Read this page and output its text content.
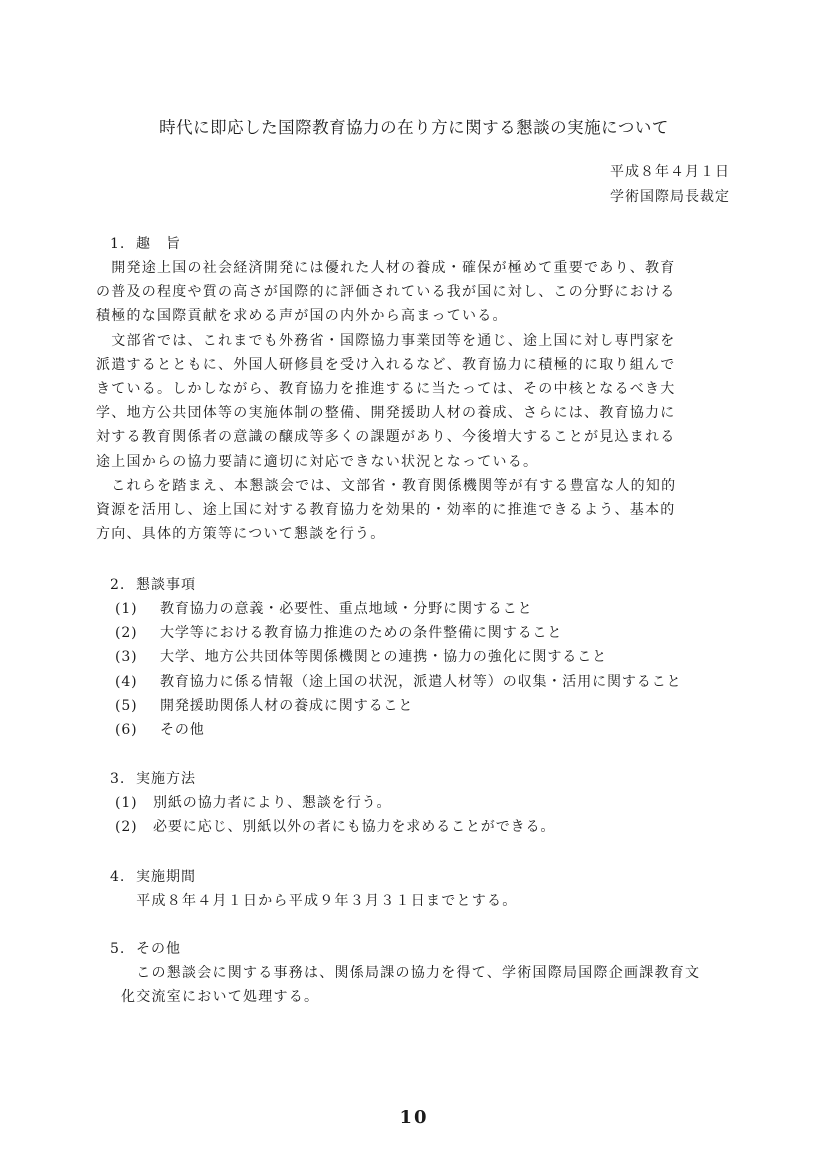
時代に即応した国際教育協力の在り方に関する懇談の実施について
平成８年４月１日
学術国際局長裁定
1. 趣　旨

　開発途上国の社会経済開発には優れた人材の養成・確保が極めて重要であり、教育

の普及の程度や質の高さが国際的に評価されている我が国に対し、この分野における

積極的な国際貢献を求める声が国の内外から高まっている。

　文部省では、これまでも外務省・国際協力事業団等を通じ、途上国に対し専門家を

派遣するとともに、外国人研修員を受け入れるなど、教育協力に積極的に取り組んで

きている。しかしながら、教育協力を推進するに当たっては、その中核となるべき大

学、地方公共団体等の実施体制の整備、開発援助人材の養成、さらには、教育協力に

対する教育関係者の意識の醸成等多くの課題があり、今後増大することが見込まれる

途上国からの協力要請に適切に対応できない状況となっている。

　これらを踏まえ、本懇談会では、文部省・教育関係機関等が有する豊富な人的知的

資源を活用し、途上国に対する教育協力を効果的・効率的に推進できるよう、基本的

方向、具体的方策等について懇談を行う。

2. 懇談事項
(1) 教育協力の意義・必要性、重点地域・分野に関すること
(2) 大学等における教育協力推進のための条件整備に関すること
(3) 大学、地方公共団体等関係機関との連携・協力の強化に関すること
(4) 教育協力に係る情報（途上国の状況，派遣人材等）の収集・活用に関すること
(5) 開発援助関係人材の養成に関すること
(6) その他
3. 実施方法
(1) 別紙の協力者により、懇談を行う。
(2) 必要に応じ、別紙以外の者にも協力を求めることができる。
4. 実施期間

　平成８年４月１日から平成９年３月３１日までとする。

5. その他

　この懇談会に関する事務は、関係局課の協力を得て、学術国際局国際企画課教育文

化交流室において処理する。

10
